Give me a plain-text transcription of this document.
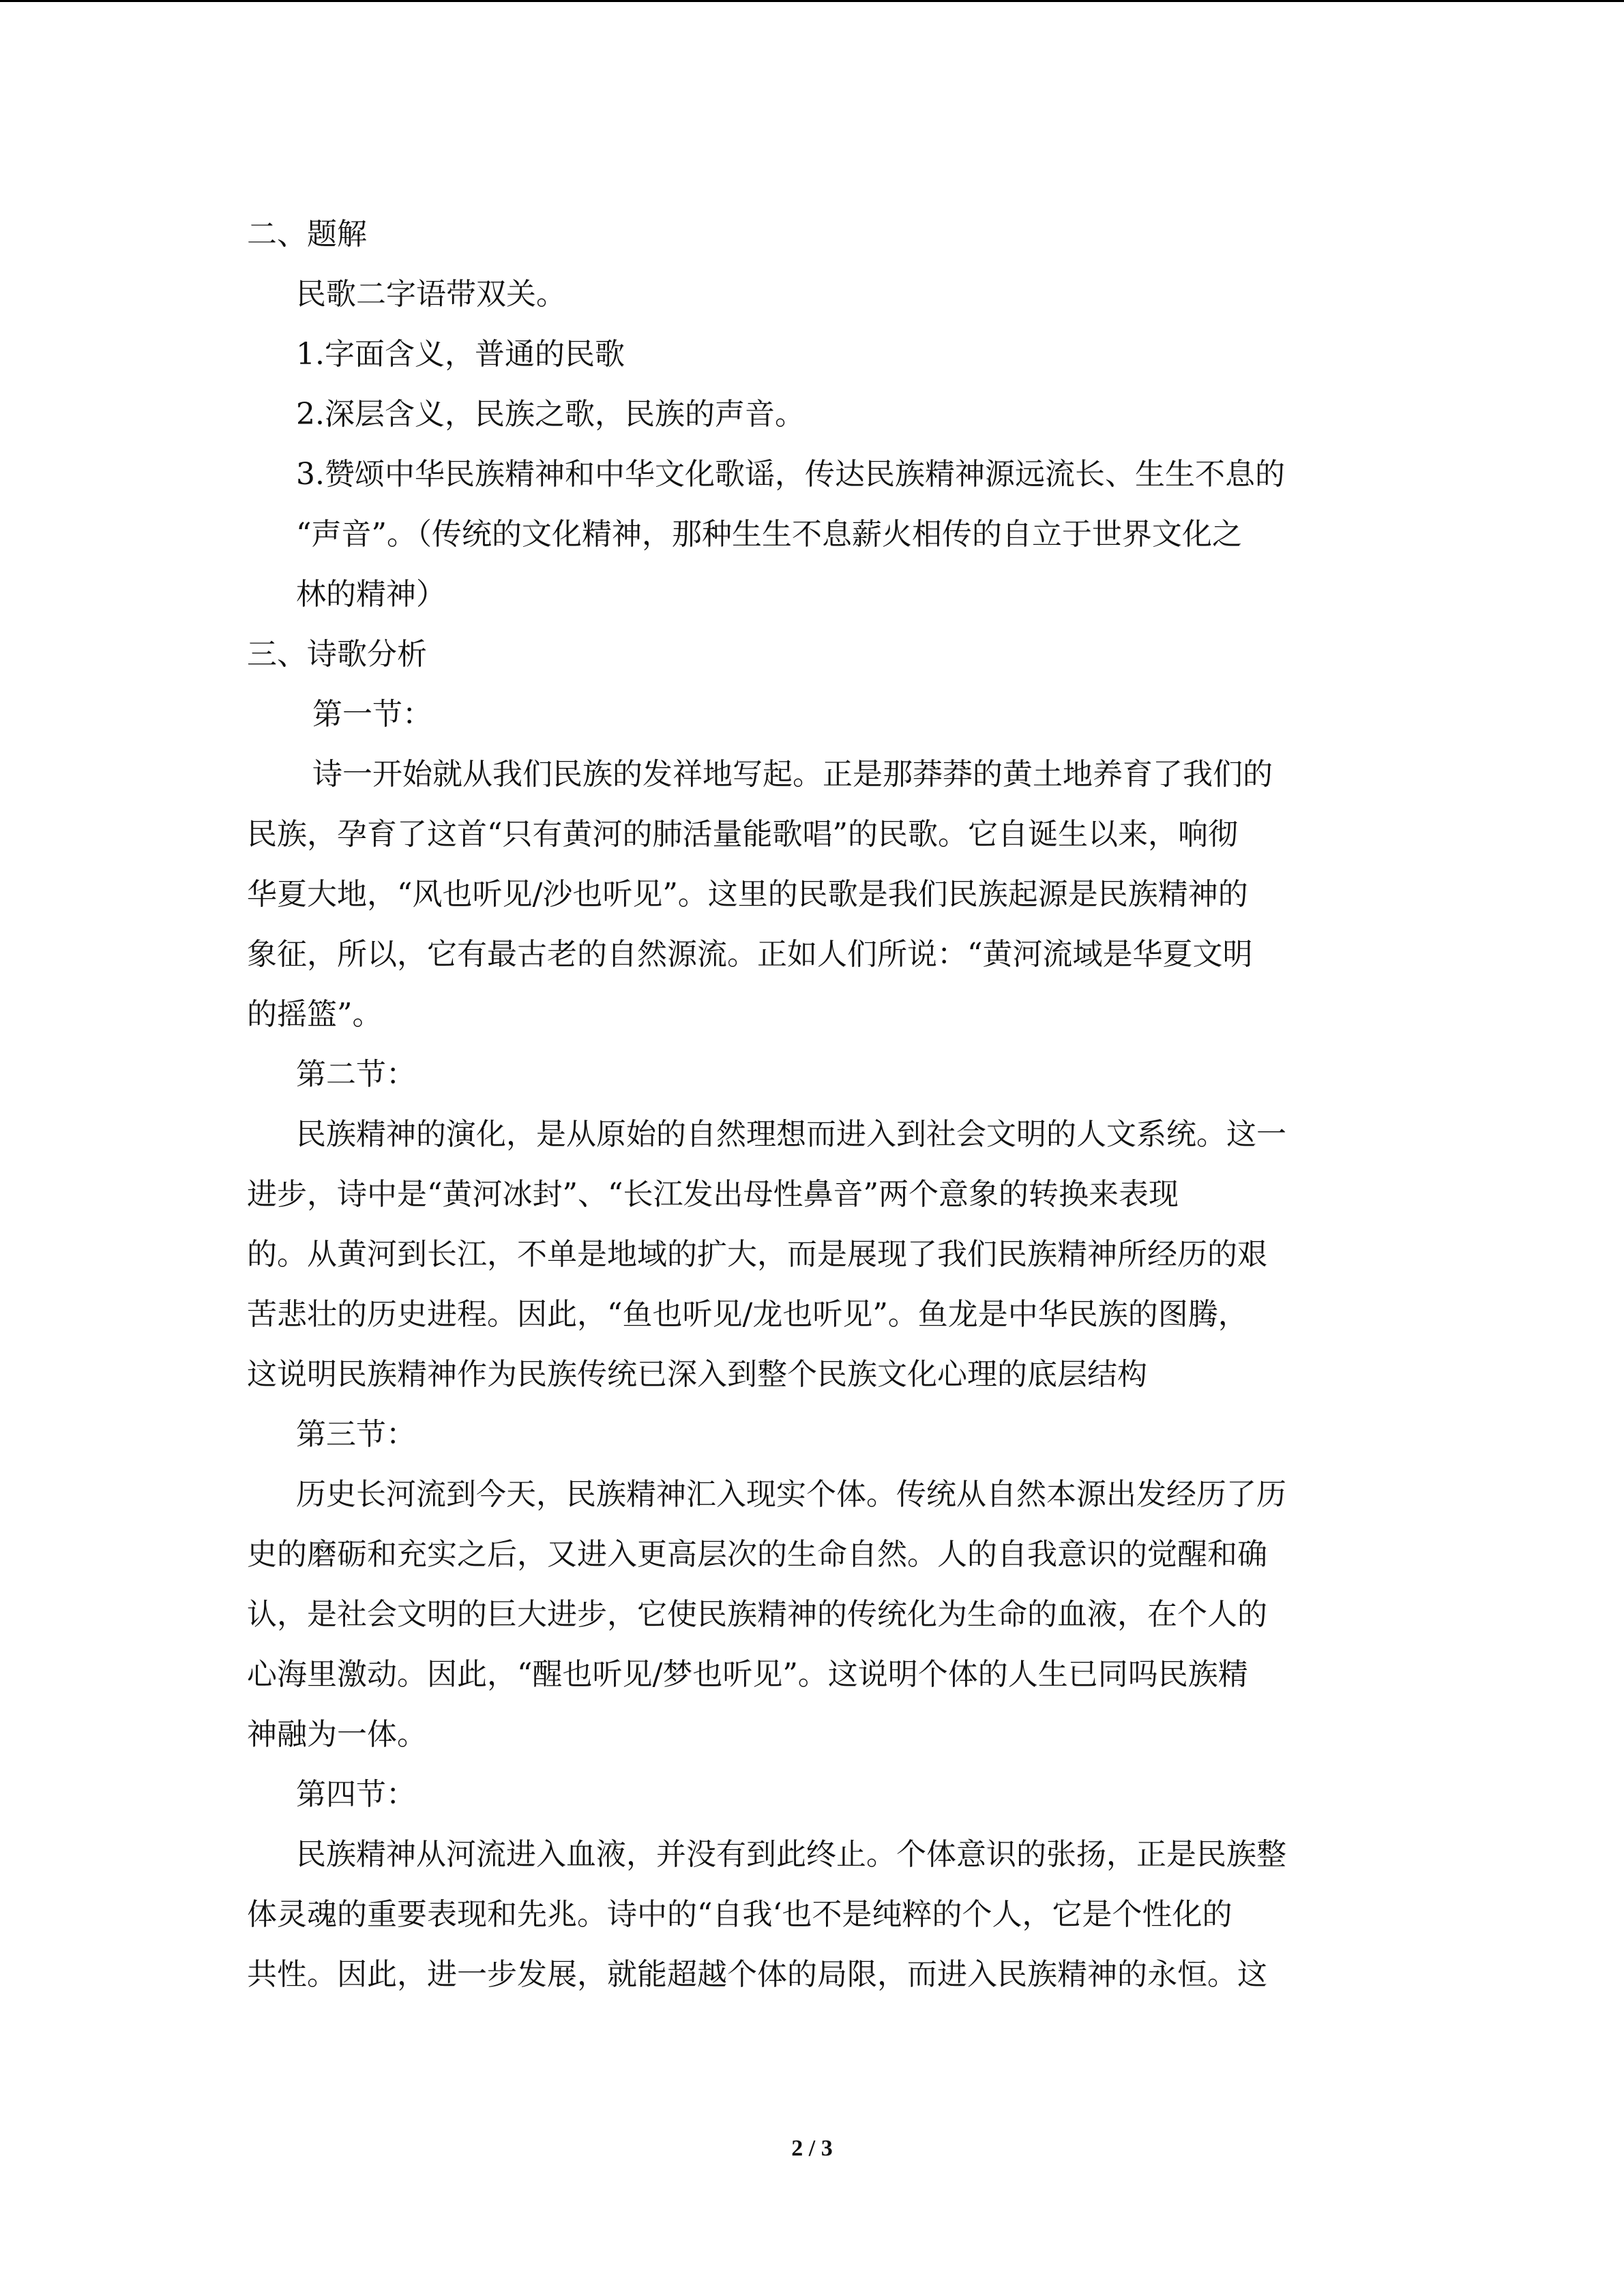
二、题解

民歌二字语带双关。

1.字面含义，普通的民歌

2.深层含义，民族之歌，民族的声音。

3.赞颂中华民族精神和中华文化歌谣，传达民族精神源远流长、生生不息的

“声音”。（传统的文化精神，那种生生不息薪火相传的自立于世界文化之

林的精神）

三、诗歌分析

第一节：

诗一开始就从我们民族的发祥地写起。正是那莽莽的黄土地养育了我们的

民族，孕育了这首“只有黄河的肺活量能歌唱”的民歌。它自诞生以来，响彻

华夏大地，“风也听见/沙也听见”。这里的民歌是我们民族起源是民族精神的

象征，所以，它有最古老的自然源流。正如人们所说：“黄河流域是华夏文明

的摇篮”。

第二节：

民族精神的演化，是从原始的自然理想而进入到社会文明的人文系统。这一

进步，诗中是“黄河冰封”、“长江发出母性鼻音”两个意象的转换来表现

的。从黄河到长江，不单是地域的扩大，而是展现了我们民族精神所经历的艰

苦悲壮的历史进程。因此，“鱼也听见/龙也听见”。鱼龙是中华民族的图腾，

这说明民族精神作为民族传统已深入到整个民族文化心理的底层结构

第三节：

历史长河流到今天，民族精神汇入现实个体。传统从自然本源出发经历了历

史的磨砺和充实之后，又进入更高层次的生命自然。人的自我意识的觉醒和确

认，是社会文明的巨大进步，它使民族精神的传统化为生命的血液，在个人的

心海里激动。因此，“醒也听见/梦也听见”。这说明个体的人生已同吗民族精

神融为一体。

第四节：

民族精神从河流进入血液，并没有到此终止。个体意识的张扬，正是民族整

体灵魂的重要表现和先兆。诗中的“自我‘也不是纯粹的个人，它是个性化的

共性。因此，进一步发展，就能超越个体的局限，而进入民族精神的永恒。这

2 / 3
